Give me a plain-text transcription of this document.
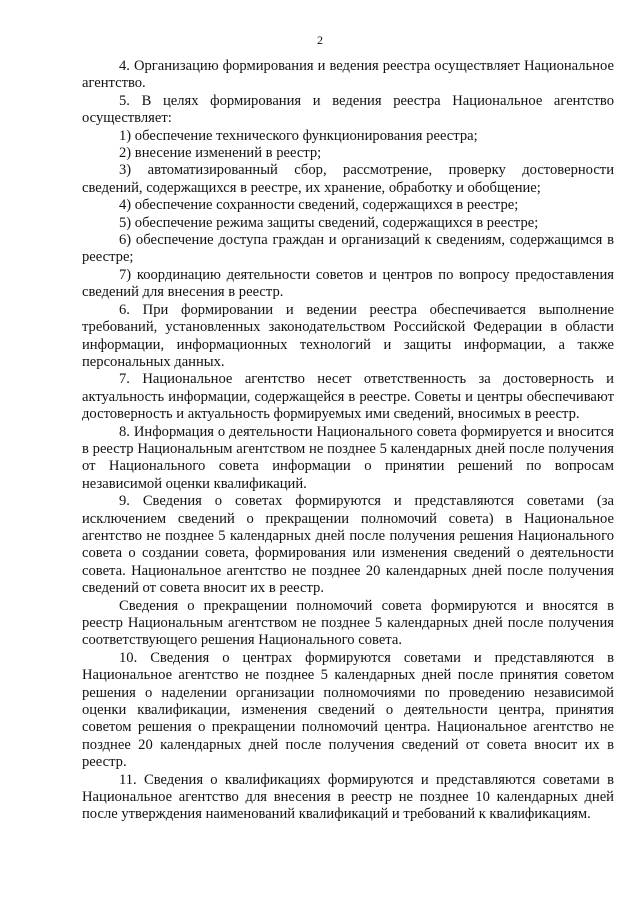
2

4. Организацию формирования и ведения реестра осуществляет Национальное агентство.

5. В целях формирования и ведения реестра Национальное агентство осуществляет:

1) обеспечение технического функционирования реестра;

2) внесение изменений в реестр;

3) автоматизированный сбор, рассмотрение, проверку достоверности сведений, содержащихся в реестре, их хранение, обработку и обобщение;

4) обеспечение сохранности сведений, содержащихся в реестре;

5) обеспечение режима защиты сведений, содержащихся в реестре;

6) обеспечение доступа граждан и организаций к сведениям, содержащимся в реестре;

7) координацию деятельности советов и центров по вопросу предоставления сведений для внесения в реестр.

6. При формировании и ведении реестра обеспечивается выполнение требований, установленных законодательством Российской Федерации в области информации, информационных технологий и защиты информации, а также персональных данных.

7. Национальное агентство несет ответственность за достоверность и актуальность информации, содержащейся в реестре. Советы и центры обеспечивают достоверность и актуальность формируемых ими сведений, вносимых в реестр.

8. Информация о деятельности Национального совета формируется и вносится в реестр Национальным агентством не позднее 5 календарных дней после получения от Национального совета информации о принятии решений по вопросам независимой оценки квалификаций.

9. Сведения о советах формируются и представляются советами (за исключением сведений о прекращении полномочий совета) в Национальное агентство не позднее 5 календарных дней после получения решения Национального совета о создании совета, формирования или изменения сведений о деятельности совета. Национальное агентство не позднее 20 календарных дней после получения сведений от совета вносит их в реестр.

Сведения о прекращении полномочий совета формируются и вносятся в реестр Национальным агентством не позднее 5 календарных дней после получения соответствующего решения Национального совета.

10. Сведения о центрах формируются советами и представляются в Национальное агентство не позднее 5 календарных дней после принятия советом решения о наделении организации полномочиями по проведению независимой оценки квалификации, изменения сведений о деятельности центра, принятия советом решения о прекращении полномочий центра. Национальное агентство не позднее 20 календарных дней после получения сведений от совета вносит их в реестр.

11. Сведения о квалификациях формируются и представляются советами в Национальное агентство для внесения в реестр не позднее 10 календарных дней после утверждения наименований квалификаций и требований к квалификациям.
